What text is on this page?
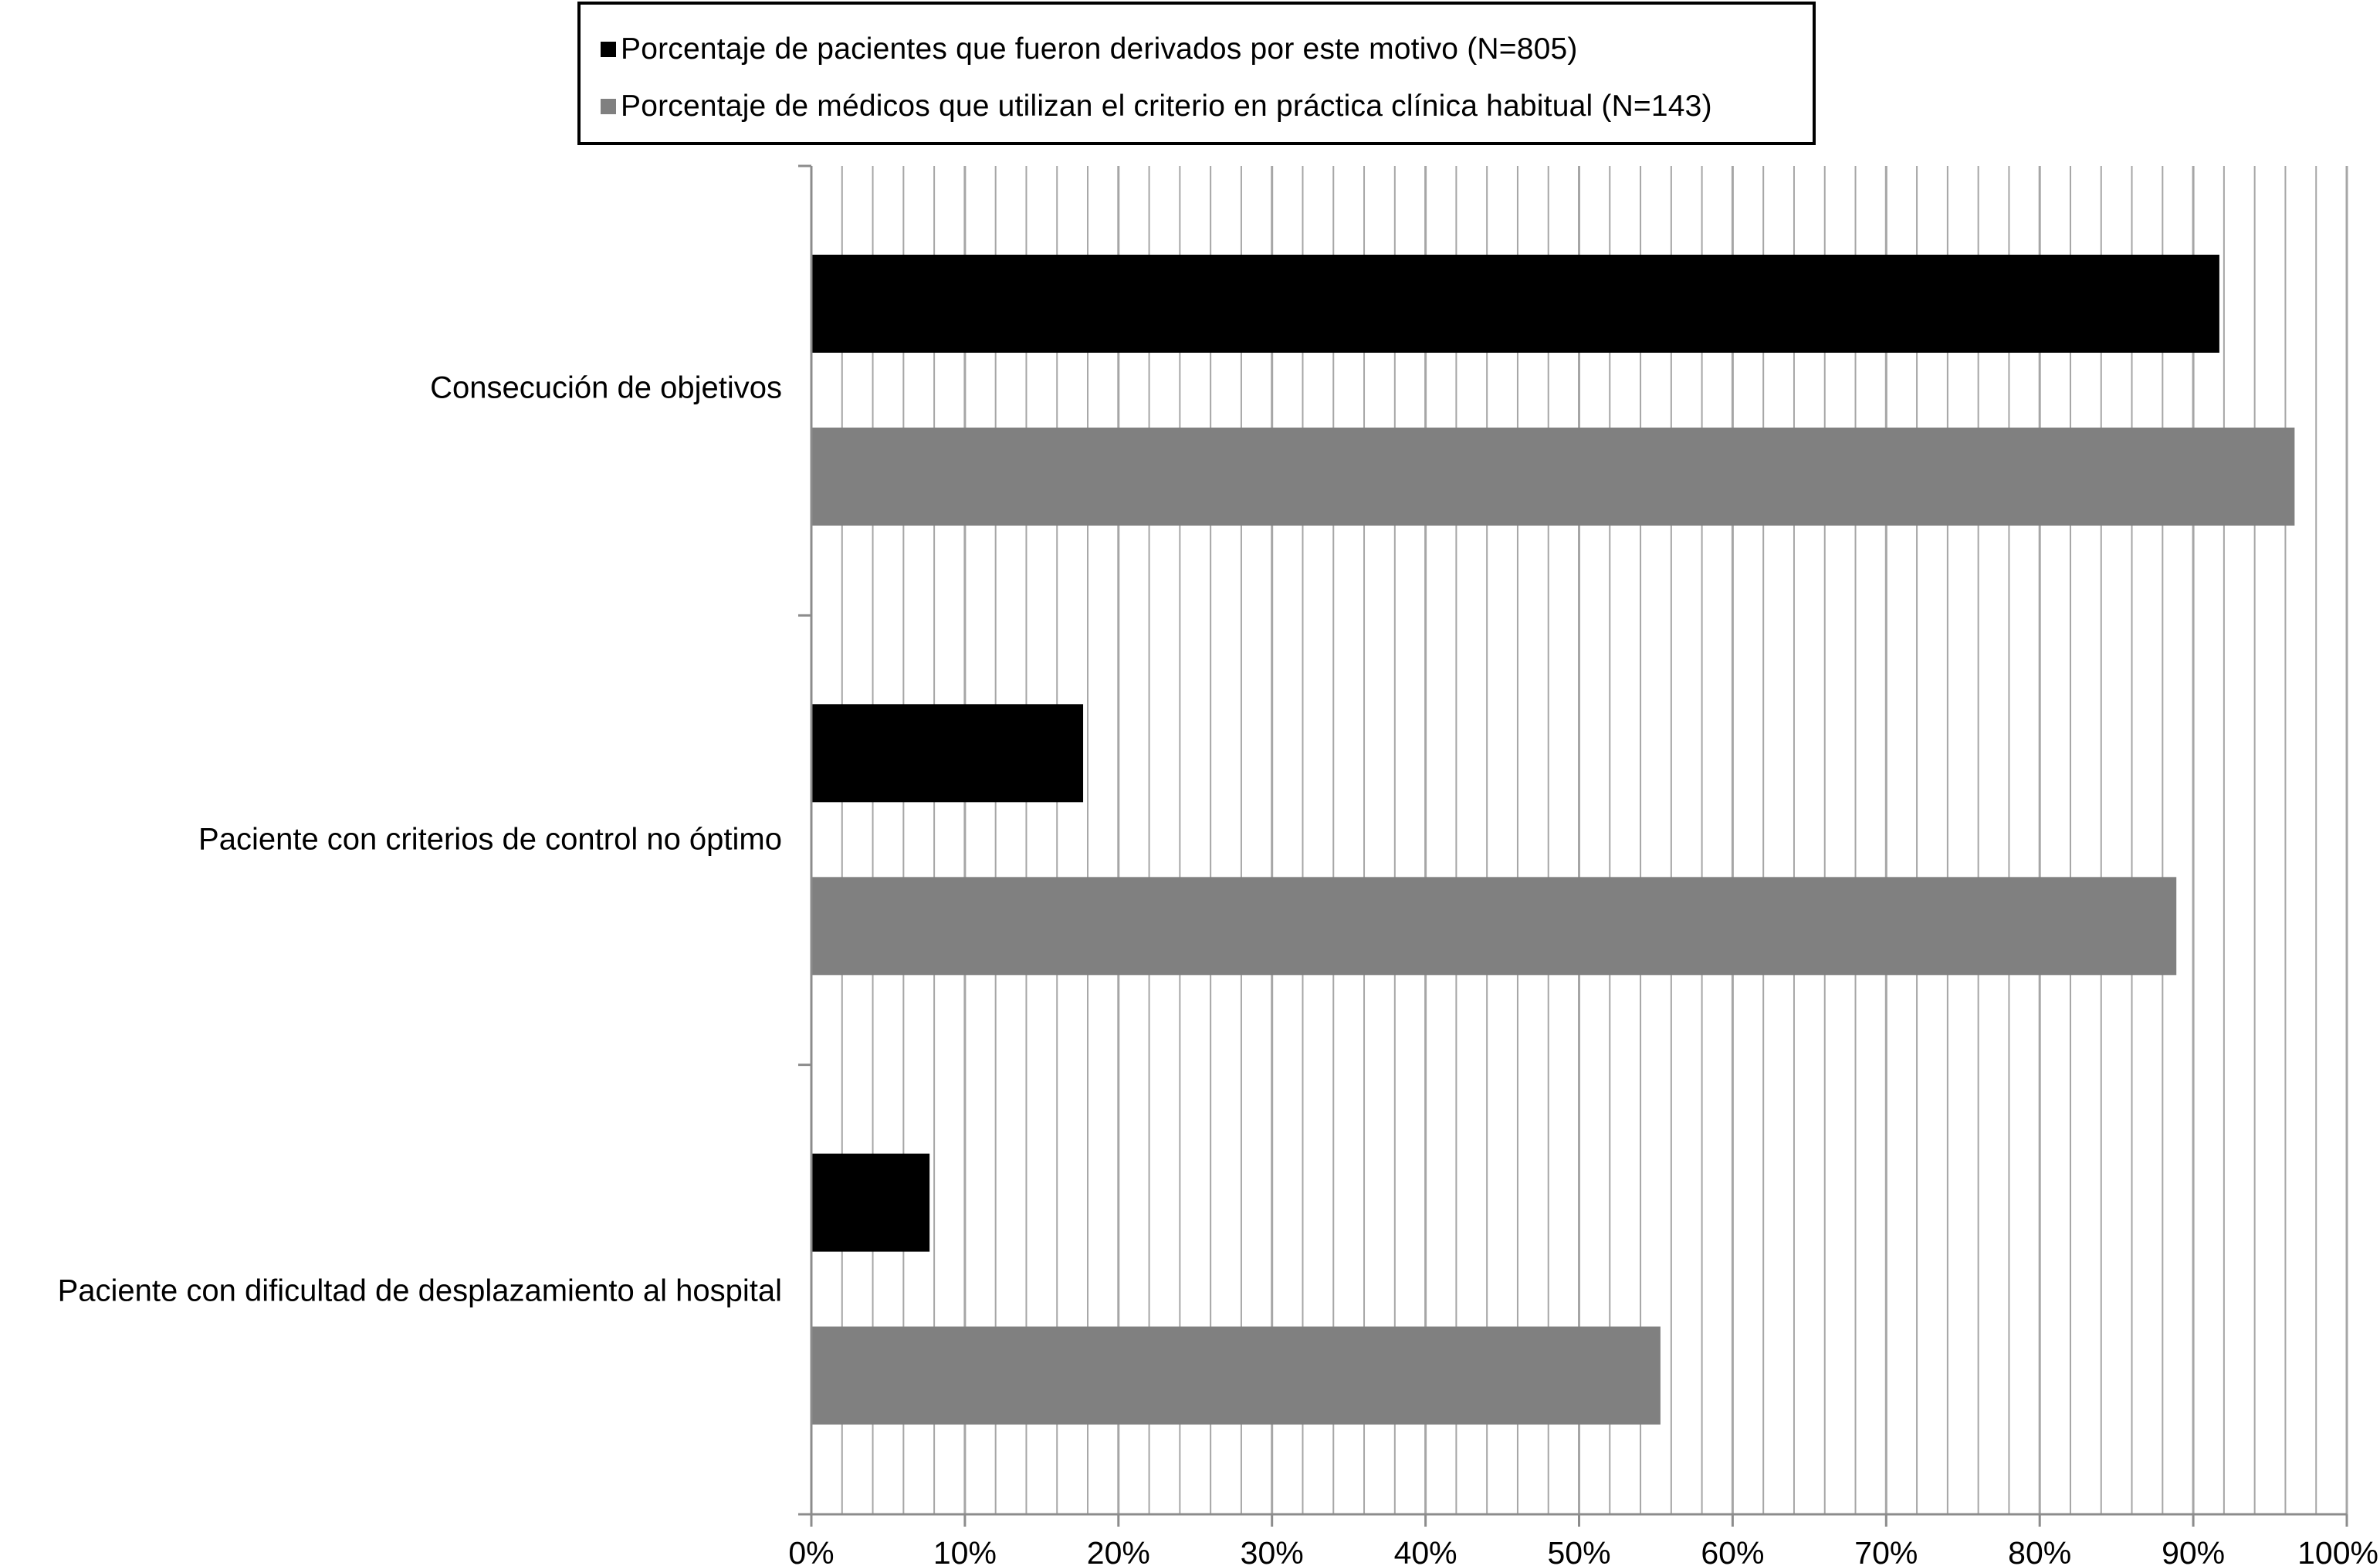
0%	10%	20%	30%	40%	50%	60%	70%	80%	90% 100%
Porcentaje de pacientes que fueron derivados por este motivo (N=805)
Porcentaje de médicos que utilizan el criterio en práctica clínica habitual (N=143)
Consecución de objetivos
Paciente con criterios de control no óptimo
Paciente con dificultad de desplazamiento al hospital
